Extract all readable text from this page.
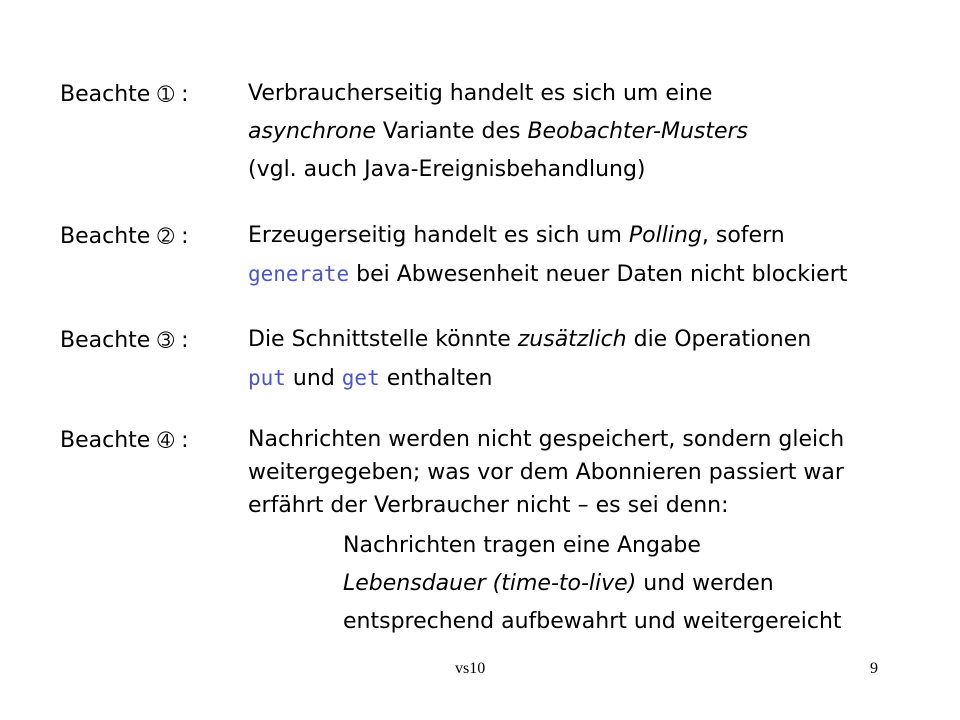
Beachte ➀ :	Verbraucherseitig handelt es sich um eine
asynchrone Variante des Beobachter-Musters
(vgl. auch Java-Ereignisbehandlung)
Beachte ➁ :	Erzeugerseitig handelt es sich um Polling, sofern
generate bei Abwesenheit neuer Daten nicht blockiert
Beachte ➂ :	Die Schnittstelle könnte zusätzlich die Operationen
put und get enthalten
Beachte ➃ :	Nachrichten werden nicht gespeichert, sondern gleich
weitergegeben; was vor dem Abonnieren passiert war
erfährt der Verbraucher nicht – es sei denn:
Nachrichten tragen eine Angabe
Lebensdauer (time-to-live) und werden
entsprechend aufbewahrt und weitergereicht
vs10	9
